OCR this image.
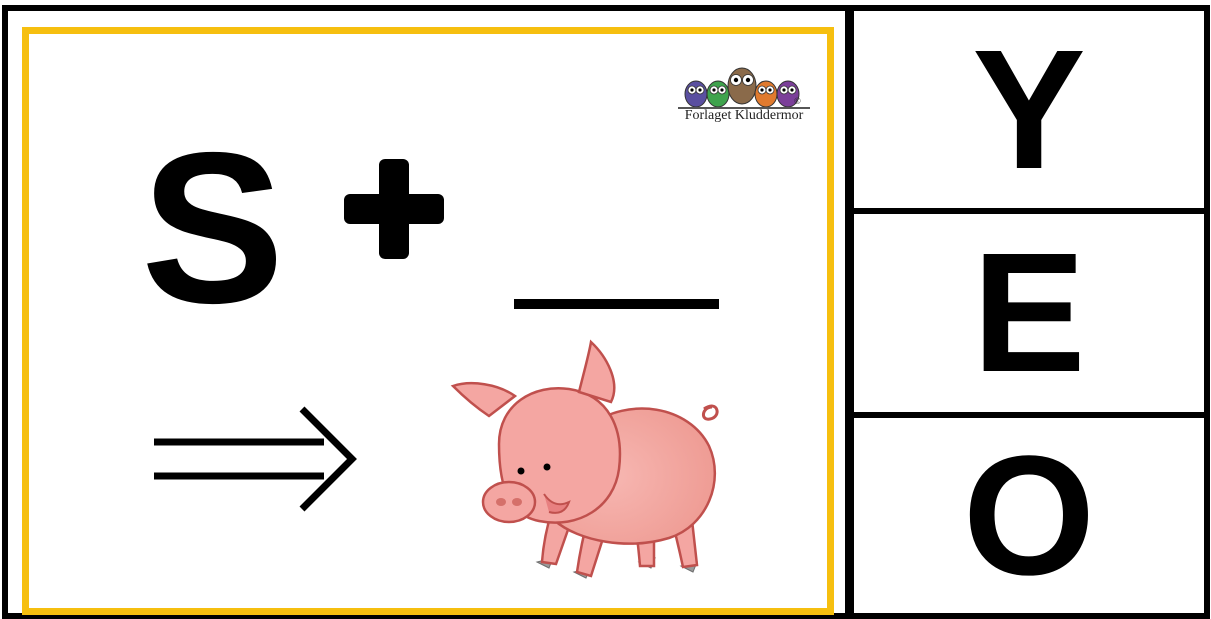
©
Forlaget Kluddermor
S	Y
E
O
